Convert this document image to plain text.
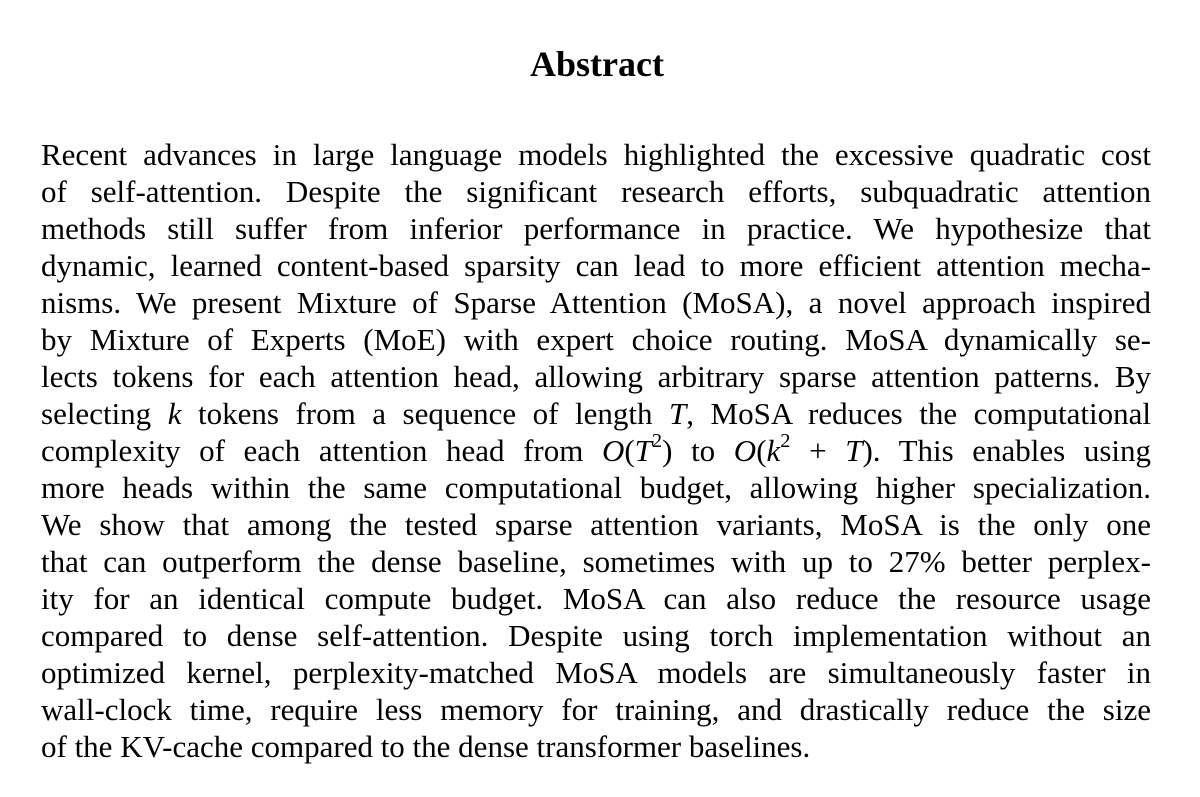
Abstract
Recent advances in large language models highlighted the excessive quadratic cost
of self-attention. Despite the significant research efforts, subquadratic attention
methods still suffer from inferior performance in practice. We hypothesize that
dynamic, learned content-based sparsity can lead to more efficient attention mecha-
nisms. We present Mixture of Sparse Attention (MoSA), a novel approach inspired
by Mixture of Experts (MoE) with expert choice routing. MoSA dynamically se-
lects tokens for each attention head, allowing arbitrary sparse attention patterns. By
selecting k tokens from a sequence of length T, MoSA reduces the computational
complexity of each attention head from $O(T^2)$ to $O(k^2 + T)$. This enables using
more heads within the same computational budget, allowing higher specialization.
We show that among the tested sparse attention variants, MoSA is the only one
that can outperform the dense baseline, sometimes with up to 27% better perplex-
ity for an identical compute budget. MoSA can also reduce the resource usage
compared to dense self-attention. Despite using torch implementation without an
optimized kernel, perplexity-matched MoSA models are simultaneously faster in
wall-clock time, require less memory for training, and drastically reduce the size
of the KV-cache compared to the dense transformer baselines.
